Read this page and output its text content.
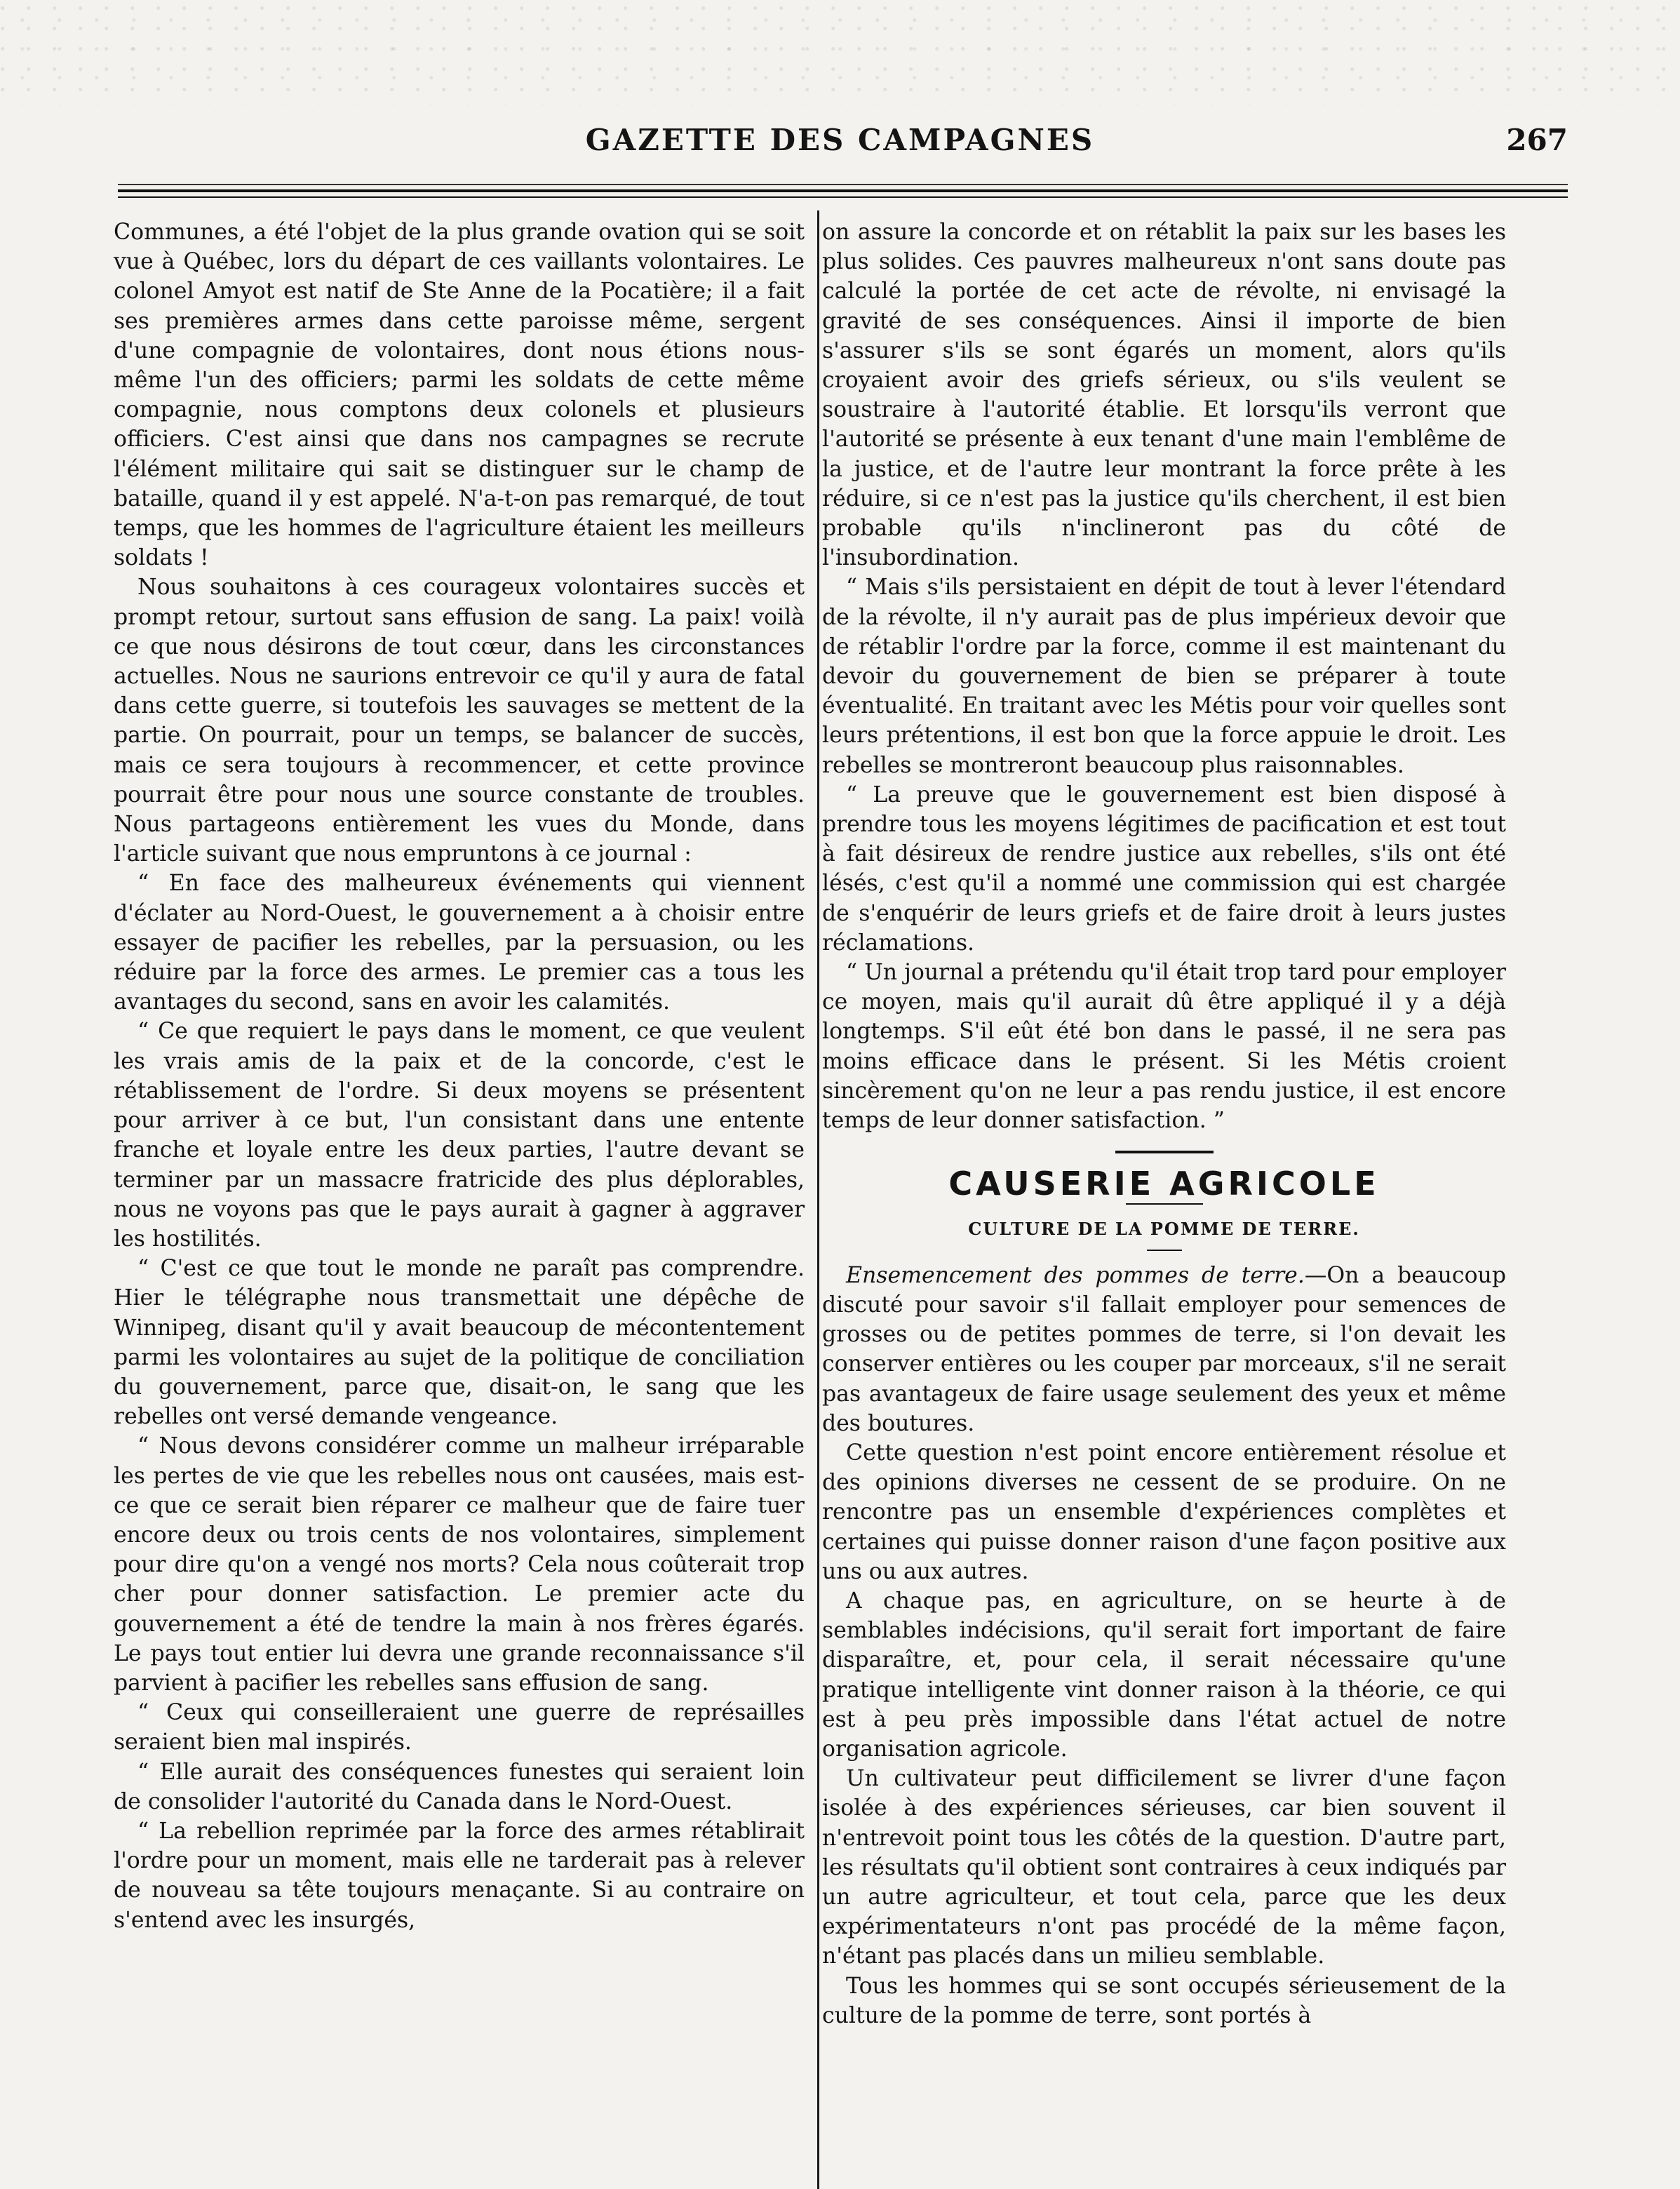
GAZETTE DES CAMPAGNES	267

Communes, a été l'objet de la plus grande ovation qui se soit vue à Québec, lors du départ de ces vaillants volontaires. Le colonel Amyot est natif de Ste Anne de la Pocatière; il a fait ses premières armes dans cette paroisse même, sergent d'une compagnie de volontaires, dont nous étions nous-même l'un des officiers; parmi les soldats de cette même compagnie, nous comptons deux colonels et plusieurs officiers. C'est ainsi que dans nos campagnes se recrute l'élément militaire qui sait se distinguer sur le champ de bataille, quand il y est appelé. N'a-t-on pas remarqué, de tout temps, que les hommes de l'agriculture étaient les meilleurs soldats !

Nous souhaitons à ces courageux volontaires succès et prompt retour, surtout sans effusion de sang. La paix! voilà ce que nous désirons de tout cœur, dans les circonstances actuelles. Nous ne saurions entrevoir ce qu'il y aura de fatal dans cette guerre, si toutefois les sauvages se mettent de la partie. On pourrait, pour un temps, se balancer de succès, mais ce sera toujours à recommencer, et cette province pourrait être pour nous une source constante de troubles. Nous partageons entièrement les vues du Monde, dans l'article suivant que nous empruntons à ce journal :

“ En face des malheureux événements qui viennent d'éclater au Nord-Ouest, le gouvernement a à choisir entre essayer de pacifier les rebelles, par la persuasion, ou les réduire par la force des armes. Le premier cas a tous les avantages du second, sans en avoir les calamités.

“ Ce que requiert le pays dans le moment, ce que veulent les vrais amis de la paix et de la concorde, c'est le rétablissement de l'ordre. Si deux moyens se présentent pour arriver à ce but, l'un consistant dans une entente franche et loyale entre les deux parties, l'autre devant se terminer par un massacre fratricide des plus déplorables, nous ne voyons pas que le pays aurait à gagner à aggraver les hostilités.

“ C'est ce que tout le monde ne paraît pas comprendre. Hier le télégraphe nous transmettait une dépêche de Winnipeg, disant qu'il y avait beaucoup de mécontentement parmi les volontaires au sujet de la politique de conciliation du gouvernement, parce que, disait-on, le sang que les rebelles ont versé demande vengeance.

“ Nous devons considérer comme un malheur irréparable les pertes de vie que les rebelles nous ont causées, mais est-ce que ce serait bien réparer ce malheur que de faire tuer encore deux ou trois cents de nos volontaires, simplement pour dire qu'on a vengé nos morts? Cela nous coûterait trop cher pour donner satisfaction. Le premier acte du gouvernement a été de tendre la main à nos frères égarés. Le pays tout entier lui devra une grande reconnaissance s'il parvient à pacifier les rebelles sans effusion de sang.

“ Ceux qui conseilleraient une guerre de représailles seraient bien mal inspirés.

“ Elle aurait des conséquences funestes qui seraient loin de consolider l'autorité du Canada dans le Nord-Ouest.

“ La rebellion reprimée par la force des armes rétablirait l'ordre pour un moment, mais elle ne tarderait pas à relever de nouveau sa tête toujours menaçante. Si au contraire on s'entend avec les insurgés,

on assure la concorde et on rétablit la paix sur les bases les plus solides. Ces pauvres malheureux n'ont sans doute pas calculé la portée de cet acte de révolte, ni envisagé la gravité de ses conséquences. Ainsi il importe de bien s'assurer s'ils se sont égarés un moment, alors qu'ils croyaient avoir des griefs sérieux, ou s'ils veulent se soustraire à l'autorité établie. Et lorsqu'ils verront que l'autorité se présente à eux tenant d'une main l'emblême de la justice, et de l'autre leur montrant la force prête à les réduire, si ce n'est pas la justice qu'ils cherchent, il est bien probable qu'ils n'inclineront pas du côté de l'insubordination.

“ Mais s'ils persistaient en dépit de tout à lever l'étendard de la révolte, il n'y aurait pas de plus impérieux devoir que de rétablir l'ordre par la force, comme il est maintenant du devoir du gouvernement de bien se préparer à toute éventualité. En traitant avec les Métis pour voir quelles sont leurs prétentions, il est bon que la force appuie le droit. Les rebelles se montreront beaucoup plus raisonnables.

“ La preuve que le gouvernement est bien disposé à prendre tous les moyens légitimes de pacification et est tout à fait désireux de rendre justice aux rebelles, s'ils ont été lésés, c'est qu'il a nommé une commission qui est chargée de s'enquérir de leurs griefs et de faire droit à leurs justes réclamations.

“ Un journal a prétendu qu'il était trop tard pour employer ce moyen, mais qu'il aurait dû être appliqué il y a déjà longtemps. S'il eût été bon dans le passé, il ne sera pas moins efficace dans le présent. Si les Métis croient sincèrement qu'on ne leur a pas rendu justice, il est encore temps de leur donner satisfaction. ”

CAUSERIE AGRICOLE

CULTURE DE LA POMME DE TERRE.

Ensemencement des pommes de terre.—On a beaucoup discuté pour savoir s'il fallait employer pour semences de grosses ou de petites pommes de terre, si l'on devait les conserver entières ou les couper par morceaux, s'il ne serait pas avantageux de faire usage seulement des yeux et même des boutures.

Cette question n'est point encore entièrement résolue et des opinions diverses ne cessent de se produire. On ne rencontre pas un ensemble d'expériences complètes et certaines qui puisse donner raison d'une façon positive aux uns ou aux autres.

A chaque pas, en agriculture, on se heurte à de semblables indécisions, qu'il serait fort important de faire disparaître, et, pour cela, il serait nécessaire qu'une pratique intelligente vint donner raison à la théorie, ce qui est à peu près impossible dans l'état actuel de notre organisation agricole.

Un cultivateur peut difficilement se livrer d'une façon isolée à des expériences sérieuses, car bien souvent il n'entrevoit point tous les côtés de la question. D'autre part, les résultats qu'il obtient sont contraires à ceux indiqués par un autre agriculteur, et tout cela, parce que les deux expérimentateurs n'ont pas procédé de la même façon, n'étant pas placés dans un milieu semblable.

Tous les hommes qui se sont occupés sérieusement de la culture de la pomme de terre, sont portés à
